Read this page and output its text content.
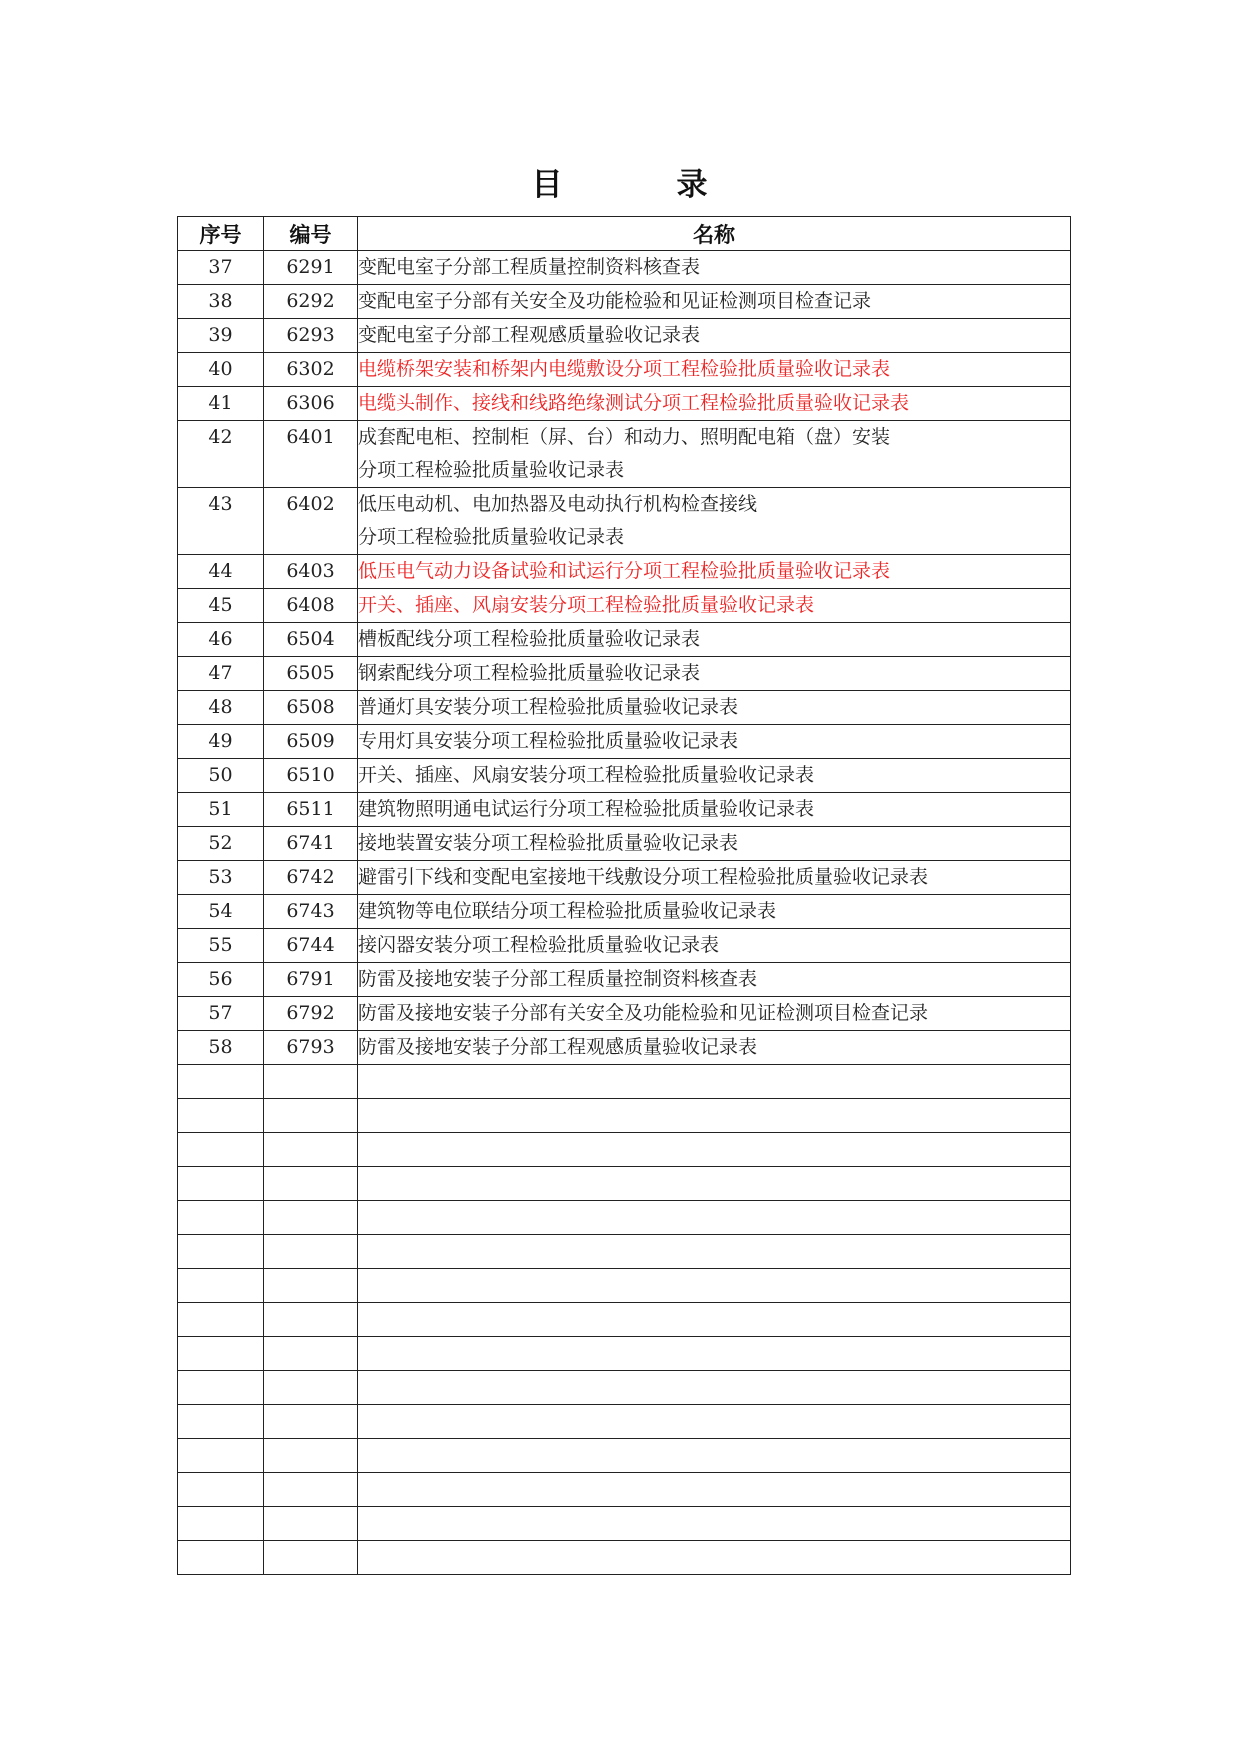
目	录
序号	编号	名称
37	6291	变配电室子分部工程质量控制资料核查表

38	6292	变配电室子分部有关安全及功能检验和见证检测项目检查记录

39	6293	变配电室子分部工程观感质量验收记录表

40	6302	电缆桥架安装和桥架内电缆敷设分项工程检验批质量验收记录表

41	6306	电缆头制作、接线和线路绝缘测试分项工程检验批质量验收记录表

42	6401	成套配电柜、控制柜（屏、台）和动力、照明配电箱（盘）安装
分项工程检验批质量验收记录表

43	6402	低压电动机、电加热器及电动执行机构检查接线
分项工程检验批质量验收记录表

44	6403	低压电气动力设备试验和试运行分项工程检验批质量验收记录表

45	6408	开关、插座、风扇安装分项工程检验批质量验收记录表

46	6504	槽板配线分项工程检验批质量验收记录表

47	6505	钢索配线分项工程检验批质量验收记录表

48	6508	普通灯具安装分项工程检验批质量验收记录表

49	6509	专用灯具安装分项工程检验批质量验收记录表

50	6510	开关、插座、风扇安装分项工程检验批质量验收记录表

51	6511	建筑物照明通电试运行分项工程检验批质量验收记录表

52	6741	接地装置安装分项工程检验批质量验收记录表

53	6742	避雷引下线和变配电室接地干线敷设分项工程检验批质量验收记录表

54	6743	建筑物等电位联结分项工程检验批质量验收记录表

55	6744	接闪器安装分项工程检验批质量验收记录表

56	6791	防雷及接地安装子分部工程质量控制资料核查表

57	6792	防雷及接地安装子分部有关安全及功能检验和见证检测项目检查记录

58	6793	防雷及接地安装子分部工程观感质量验收记录表
